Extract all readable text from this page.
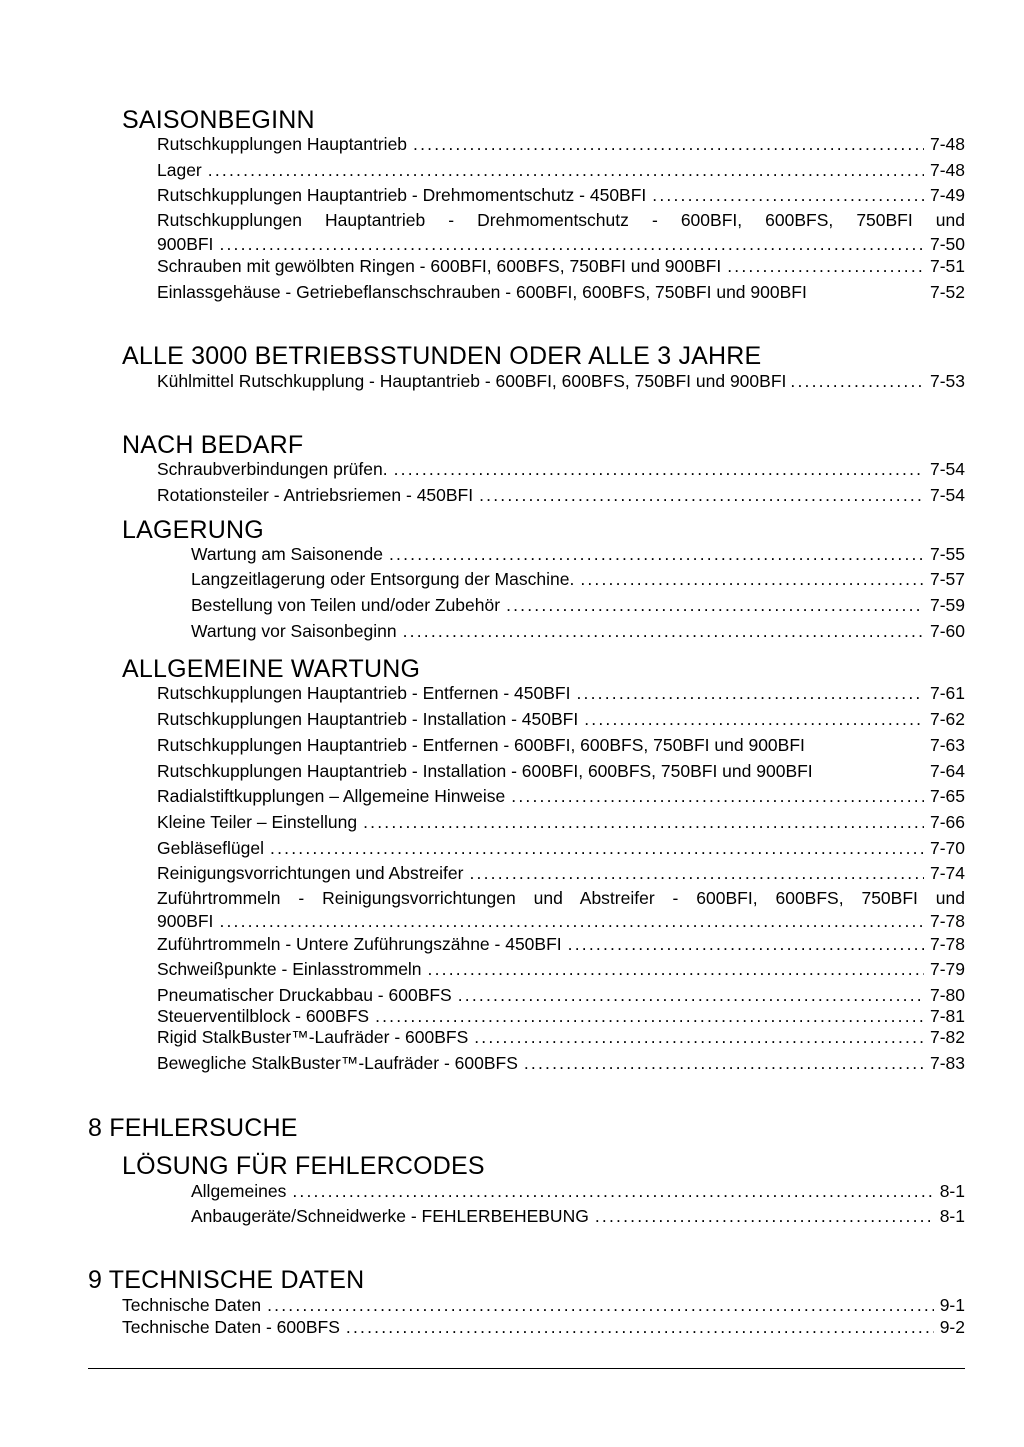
SAISONBEGINN
Rutschkupplungen Hauptantrieb .....	7-48
Lager .....	7-48
Rutschkupplungen Hauptantrieb - Drehmomentschutz - 450BFI .....	7-49
Rutschkupplungen Hauptantrieb - Drehmomentschutz - 600BFI, 600BFS, 750BFI und
900BFI .....	7-50
Schrauben mit gewölbten Ringen - 600BFI, 600BFS, 750BFI und 900BFI .....	7-51
Einlassgehäuse - Getriebeflanschschrauben - 600BFI, 600BFS, 750BFI und 900BFI	7-52
ALLE 3000 BETRIEBSSTUNDEN ODER ALLE 3 JAHRE
Kühlmittel Rutschkupplung - Hauptantrieb - 600BFI, 600BFS, 750BFI und 900BFI .....	7-53
NACH BEDARF
Schraubverbindungen prüfen. .....	7-54
Rotationsteiler - Antriebsriemen - 450BFI .....	7-54
LAGERUNG
Wartung am Saisonende .....	7-55
Langzeitlagerung oder Entsorgung der Maschine. .....	7-57
Bestellung von Teilen und/oder Zubehör .....	7-59
Wartung vor Saisonbeginn .....	7-60
ALLGEMEINE WARTUNG
Rutschkupplungen Hauptantrieb - Entfernen - 450BFI .....	7-61
Rutschkupplungen Hauptantrieb - Installation - 450BFI .....	7-62
Rutschkupplungen Hauptantrieb - Entfernen - 600BFI, 600BFS, 750BFI und 900BFI	7-63
Rutschkupplungen Hauptantrieb - Installation - 600BFI, 600BFS, 750BFI und 900BFI	7-64
Radialstiftkupplungen – Allgemeine Hinweise .....	7-65
Kleine Teiler – Einstellung .....	7-66
Gebläseflügel .....	7-70
Reinigungsvorrichtungen und Abstreifer .....	7-74
Zuführtrommeln - Reinigungsvorrichtungen und Abstreifer - 600BFI, 600BFS, 750BFI und
900BFI .....	7-78
Zuführtrommeln - Untere Zuführungszähne - 450BFI .....	7-78
Schweißpunkte - Einlasstrommeln .....	7-79
Pneumatischer Druckabbau - 600BFS .....	7-80
Steuerventilblock - 600BFS .....	7-81
Rigid StalkBuster™-Laufräder - 600BFS .....	7-82
Bewegliche StalkBuster™-Laufräder - 600BFS .....	7-83
8 FEHLERSUCHE
LÖSUNG FÜR FEHLERCODES
Allgemeines .....	8-1
Anbaugeräte/Schneidwerke - FEHLERBEHEBUNG .....	8-1
9 TECHNISCHE DATEN
Technische Daten .....	9-1
Technische Daten - 600BFS .....	9-2
